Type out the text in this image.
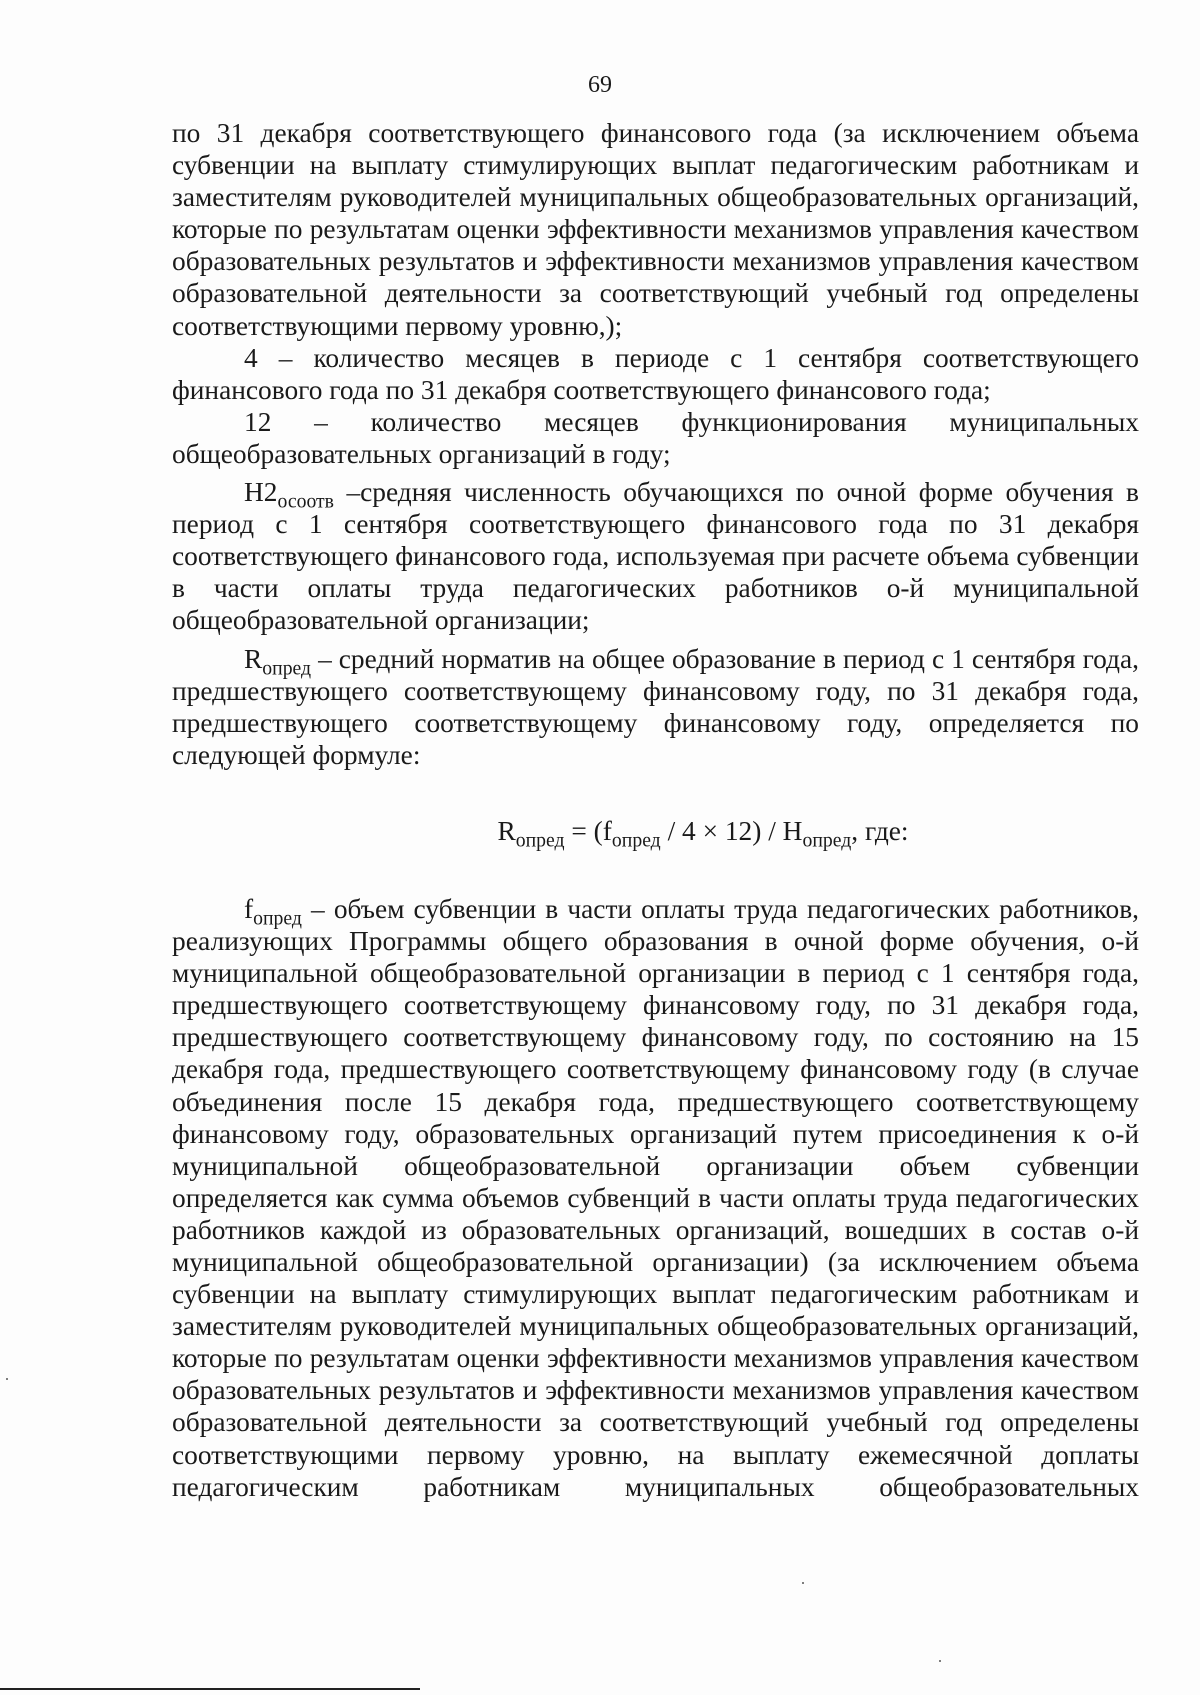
69

по 31 декабря соответствующего финансового года (за исключением объема субвенции на выплату стимулирующих выплат педагогическим работникам и заместителям руководителей муниципальных общеобразовательных организаций, которые по результатам оценки эффективности механизмов управления качеством образовательных результатов и эффективности механизмов управления качеством образовательной деятельности за соответствующий учебный год определены соответствующими первому уровню,);

4 – количество месяцев в периоде с 1 сентября соответствующего финансового года по 31 декабря соответствующего финансового года;

12 – количество месяцев функционирования муниципальных общеобразовательных организаций в году;

$Н2_{осоотв}$ –средняя численность обучающихся по очной форме обучения в период с 1 сентября соответствующего финансового года по 31 декабря соответствующего финансового года, используемая при расчете объема субвенции в части оплаты труда педагогических работников о-й муниципальной общеобразовательной организации;

$R_{опред}$ – средний норматив на общее образование в период с 1 сентября года, предшествующего соответствующему финансовому году, по 31 декабря года, предшествующего соответствующему финансовому году, определяется по следующей формуле:

$R_{опред} = (f_{опред} / 4 \times 12) / Н_{опред}$, где:

$f_{опред}$ – объем субвенции в части оплаты труда педагогических работников, реализующих Программы общего образования в очной форме обучения, о-й муниципальной общеобразовательной организации в период с 1 сентября года, предшествующего соответствующему финансовому году, по 31 декабря года, предшествующего соответствующему финансовому году, по состоянию на 15 декабря года, предшествующего соответствующему финансовому году (в случае объединения после 15 декабря года, предшествующего соответствующему финансовому году, образовательных организаций путем присоединения к о-й муниципальной общеобразовательной организации объем субвенции определяется как сумма объемов субвенций в части оплаты труда педагогических работников каждой из образовательных организаций, вошедших в состав о-й муниципальной общеобразовательной организации) (за исключением объема субвенции на выплату стимулирующих выплат педагогическим работникам и заместителям руководителей муниципальных общеобразовательных организаций, которые по результатам оценки эффективности механизмов управления качеством образовательных результатов и эффективности механизмов управления качеством образовательной деятельности за соответствующий учебный год определены соответствующими первому уровню, на выплату ежемесячной доплаты педагогическим работникам муниципальных общеобразовательных
